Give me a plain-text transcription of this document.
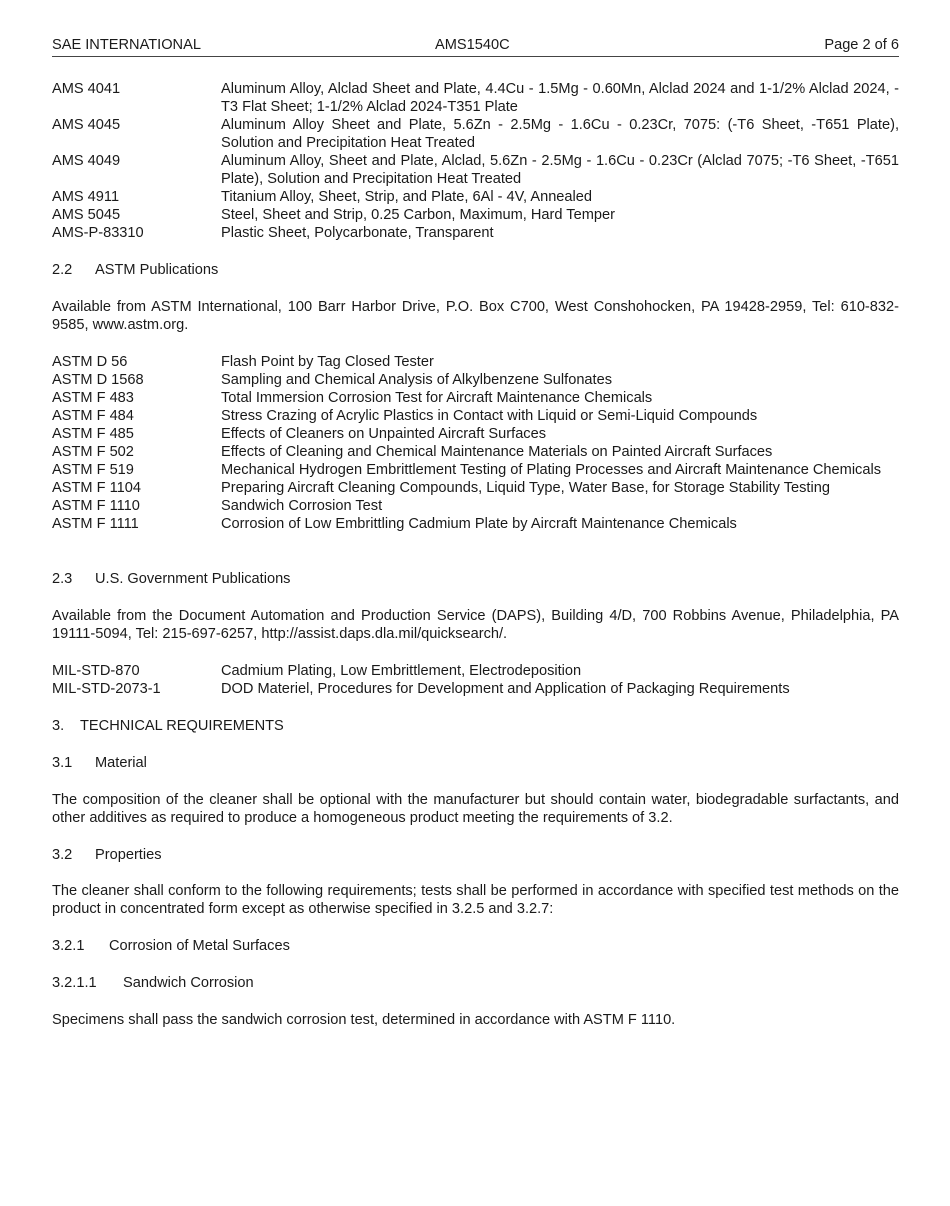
SAE INTERNATIONAL	AMS1540C	Page 2 of 6
AMS 4041	Aluminum Alloy, Alclad Sheet and Plate, 4.4Cu - 1.5Mg - 0.60Mn, Alclad 2024 and 1-1/2% Alclad 2024, -T3 Flat Sheet; 1-1/2% Alclad 2024-T351 Plate
AMS 4045	Aluminum Alloy Sheet and Plate, 5.6Zn - 2.5Mg - 1.6Cu - 0.23Cr, 7075: (-T6 Sheet, -T651 Plate), Solution and Precipitation Heat Treated
AMS 4049	Aluminum Alloy, Sheet and Plate, Alclad, 5.6Zn - 2.5Mg - 1.6Cu - 0.23Cr (Alclad 7075; -T6 Sheet, -T651 Plate), Solution and Precipitation Heat Treated
AMS 4911	Titanium Alloy, Sheet, Strip, and Plate, 6Al - 4V, Annealed
AMS 5045	Steel, Sheet and Strip, 0.25 Carbon, Maximum, Hard Temper
AMS-P-83310	Plastic Sheet, Polycarbonate, Transparent
2.2 ASTM Publications
Available from ASTM International, 100 Barr Harbor Drive, P.O. Box C700, West Conshohocken, PA 19428-2959, Tel: 610-832-9585, www.astm.org.
ASTM D 56	Flash Point by Tag Closed Tester
ASTM D 1568	Sampling and Chemical Analysis of Alkylbenzene Sulfonates
ASTM F 483	Total Immersion Corrosion Test for Aircraft Maintenance Chemicals
ASTM F 484	Stress Crazing of Acrylic Plastics in Contact with Liquid or Semi-Liquid Compounds
ASTM F 485	Effects of Cleaners on Unpainted Aircraft Surfaces
ASTM F 502	Effects of Cleaning and Chemical Maintenance Materials on Painted Aircraft Surfaces
ASTM F 519	Mechanical Hydrogen Embrittlement Testing of Plating Processes and Aircraft Maintenance Chemicals
ASTM F 1104	Preparing Aircraft Cleaning Compounds, Liquid Type, Water Base, for Storage Stability Testing
ASTM F 1110	Sandwich Corrosion Test
ASTM F 1111	Corrosion of Low Embrittling Cadmium Plate by Aircraft Maintenance Chemicals
2.3 U.S. Government Publications
Available from the Document Automation and Production Service (DAPS), Building 4/D, 700 Robbins Avenue, Philadelphia, PA 19111-5094, Tel: 215-697-6257, http://assist.daps.dla.mil/quicksearch/.
MIL-STD-870	Cadmium Plating, Low Embrittlement, Electrodeposition
MIL-STD-2073-1	DOD Materiel, Procedures for Development and Application of Packaging Requirements
3. TECHNICAL REQUIREMENTS
3.1 Material
The composition of the cleaner shall be optional with the manufacturer but should contain water, biodegradable surfactants, and other additives as required to produce a homogeneous product meeting the requirements of 3.2.
3.2 Properties
The cleaner shall conform to the following requirements; tests shall be performed in accordance with specified test methods on the product in concentrated form except as otherwise specified in 3.2.5 and 3.2.7:
3.2.1 Corrosion of Metal Surfaces
3.2.1.1 Sandwich Corrosion
Specimens shall pass the sandwich corrosion test, determined in accordance with ASTM F 1110.
